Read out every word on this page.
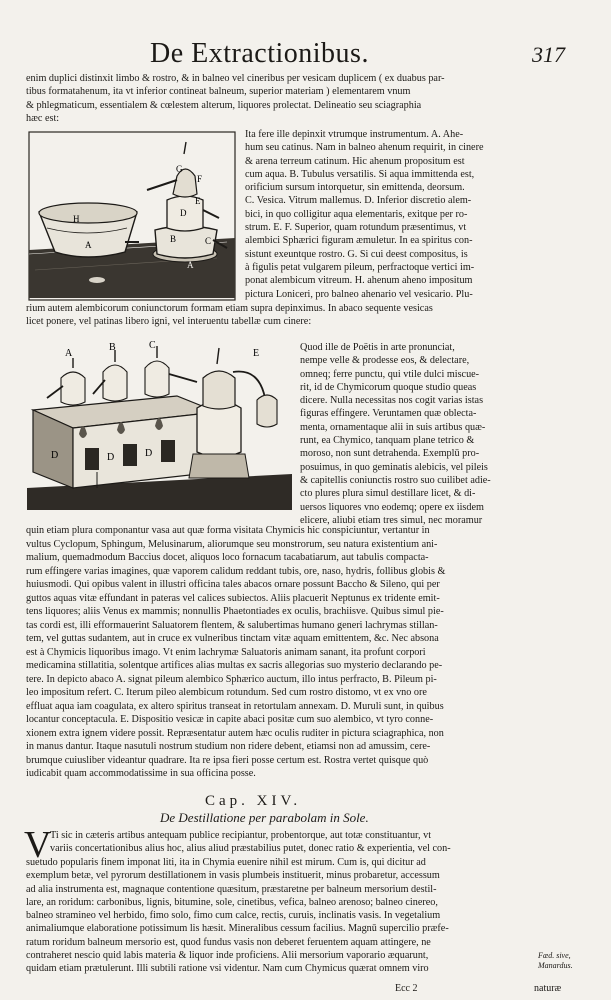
De Extractionibus.	317
enim duplici distinxit limbo & rostro, & in balneo vel cineribus per vesicam duplicem ( ex duabus par-
tibus formatahenum, ita vt inferior contineat balneum, superior materiam ) elementarem vnum
& phlegmaticum, essentialem & cœlestem alterum, liquores prolectat. Delineatio seu sciagraphia
hæc est:
G
F
E
D
B	C
H
A
A
Ita fere ille depinxit vtrumque instrumentum. A. Ahe-
hum seu catinus. Nam in balneo ahenum requirit, in cinere
& arena terreum catinum. Hic ahenum propositum est
cum aqua. B. Tubulus versatilis. Si aqua immittenda est,
orificium sursum intorquetur, sin emittenda, deorsum.
C. Vesica. Vitrum mallemus. D. Inferior discretio alem-
bici, in quo colligitur aqua elementaris, exitque per ro-
strum. E. F. Superior, quam rotundum præsentimus, vt
alembici Sphærici figuram æmuletur. In ea spiritus con-
sistunt exeuntque rostro. G. Si cui deest compositus, is
à figulis petat vulgarem pileum, perfractoque vertici im-
ponat alembicum vitreum. H. ahenum aheno impositum
pictura Loniceri, pro balneo ahenario vel vesicario. Plu-
rium autem alembicorum coniunctorum formam etiam supra depinximus. In abaco sequente vesicas
licet ponere, vel patinas libero igni, vel interuentu tabellæ cum cinere:
A
B	C
E
D	D	D
Quod ille de Poëtis in arte pronunciat,
nempe velle & prodesse eos, & delectare,
omneq; ferre punctu, qui vtile dulci miscue-
rit, id de Chymicorum quoque studio queas
dicere. Nulla necessitas nos cogit varias istas
figuras effingere. Veruntamen quæ oblecta-
menta, ornamentaque alii in suis artibus quæ-
runt, ea Chymico, tanquam plane tetrico &
moroso, non sunt detrahenda. Exemplū pro-
posuimus, in quo geminatis alebicis, vel pileis
& capitellis coniunctis rostro suo cuilibet adie-
cto plures plura simul destillare licet, & di-
uersos liquores vno eodemq; opere ex iisdem
elicere, aliubi etiam tres simul, nec moramur
quin etiam plura componantur vasa aut quæ forma visitata Chymicis hic conspiciuntur, vertantur in
vultus Cyclopum, Sphingum, Melusinarum, aliorumque seu monstrorum, seu natura existentium ani-
malium, quemadmodum Baccius docet, aliquos loco fornacum tacabatiarum, aut tabulis compacta-
rum effingere varias imagines, quæ vaporem calidum reddant tubis, ore, naso, hydris, follibus globis &
huiusmodi. Qui opibus valent in illustri officina tales abacos ornare possunt Baccho & Sileno, qui per
guttos aquas vitæ effundant in pateras vel calices subiectos. Aliis placuerit Neptunus ex tridente emit-
tens liquores; aliis Venus ex mammis; nonnullis Phaetontiades ex oculis, brachiisve. Quibus simul pie-
tas cordi est, illi efformauerint Saluatorem flentem, & salubertimas humano generi lachrymas stillan-
tem, vel guttas sudantem, aut in cruce ex vulneribus tinctam vitæ aquam emittentem, &c. Nec absona
est à Chymicis liquoribus imago. Vt enim lachrymæ Saluatoris animam sanant, ita profunt corpori
medicamina stillatitia, solentque artifices alias multas ex sacris allegorias suo mysterio declarando pe-
tere. In depicto abaco A. signat pileum alembico Sphærico auctum, illo intus perfracto, B. Pileum pi-
leo impositum refert. C. Iterum pileo alembicum rotundum. Sed cum rostro distomo, vt ex vno ore
effluat aqua iam coagulata, ex altero spiritus transeat in retortulam annexam. D. Muruli sunt, in quibus
locantur conceptacula. E. Dispositio vesicæ in capite abaci positæ cum suo alembico, vt tyro conne-
xionem extra ignem videre possit. Repræsentatur autem hæc oculis ruditer in pictura sciagraphica, non
in manus dantur. Itaque nasutuli nostrum studium non ridere debent, etiamsi non ad amussim, cere-
brumque cuiusliber videantur quadrare. Ita re ipsa fieri posse certum est. Rostra vertet quisque quò
iudicabit quam accommodatissime in sua officina posse.
Cap. XIV.
De Destillatione per parabolam in Sole.
V
Ti sic in cæteris artibus antequam publice recipiantur, probentorque, aut totæ constituantur, vt
variis concertationibus alius hoc, alius aliud præstabilius putet, donec ratio & experientia, vel con-
suetudo popularis finem imponat liti, ita in Chymia euenire nihil est mirum. Cum is, qui dicitur ad
exemplum betæ, vel pyrorum destillationem in vasis plumbeis instituerit, minus probaretur, accessum
ad alia instrumenta est, magnaque contentione quæsitum, præstaretne per balneum mersorium destil-
lare, an roridum: carbonibus, lignis, bitumine, sole, cinetibus, vefica, balneo arenoso; balneo cinereo,
balneo stramineo vel herbido, fimo solo, fimo cum calce, rectis, curuis, inclinatis vasis. In vegetalium
animaliumque elaboratione potissimum lis hæsit. Mineralibus cessum facilius. Magnū supercilio præfe-
ratum roridum balneum mersorio est, quod fundus vasis non deberet feruentem aquam attingere, ne
contraheret nescio quid labis materia & liquor inde proficiens. Alii mersorium vaporario æquarunt,
quidam etiam prætulerunt. Illi subtili ratione vsi videntur. Nam cum Chymicus quærat omnem viro
Fæd. sive,
Manardus.
Ecc 2	naturæ
